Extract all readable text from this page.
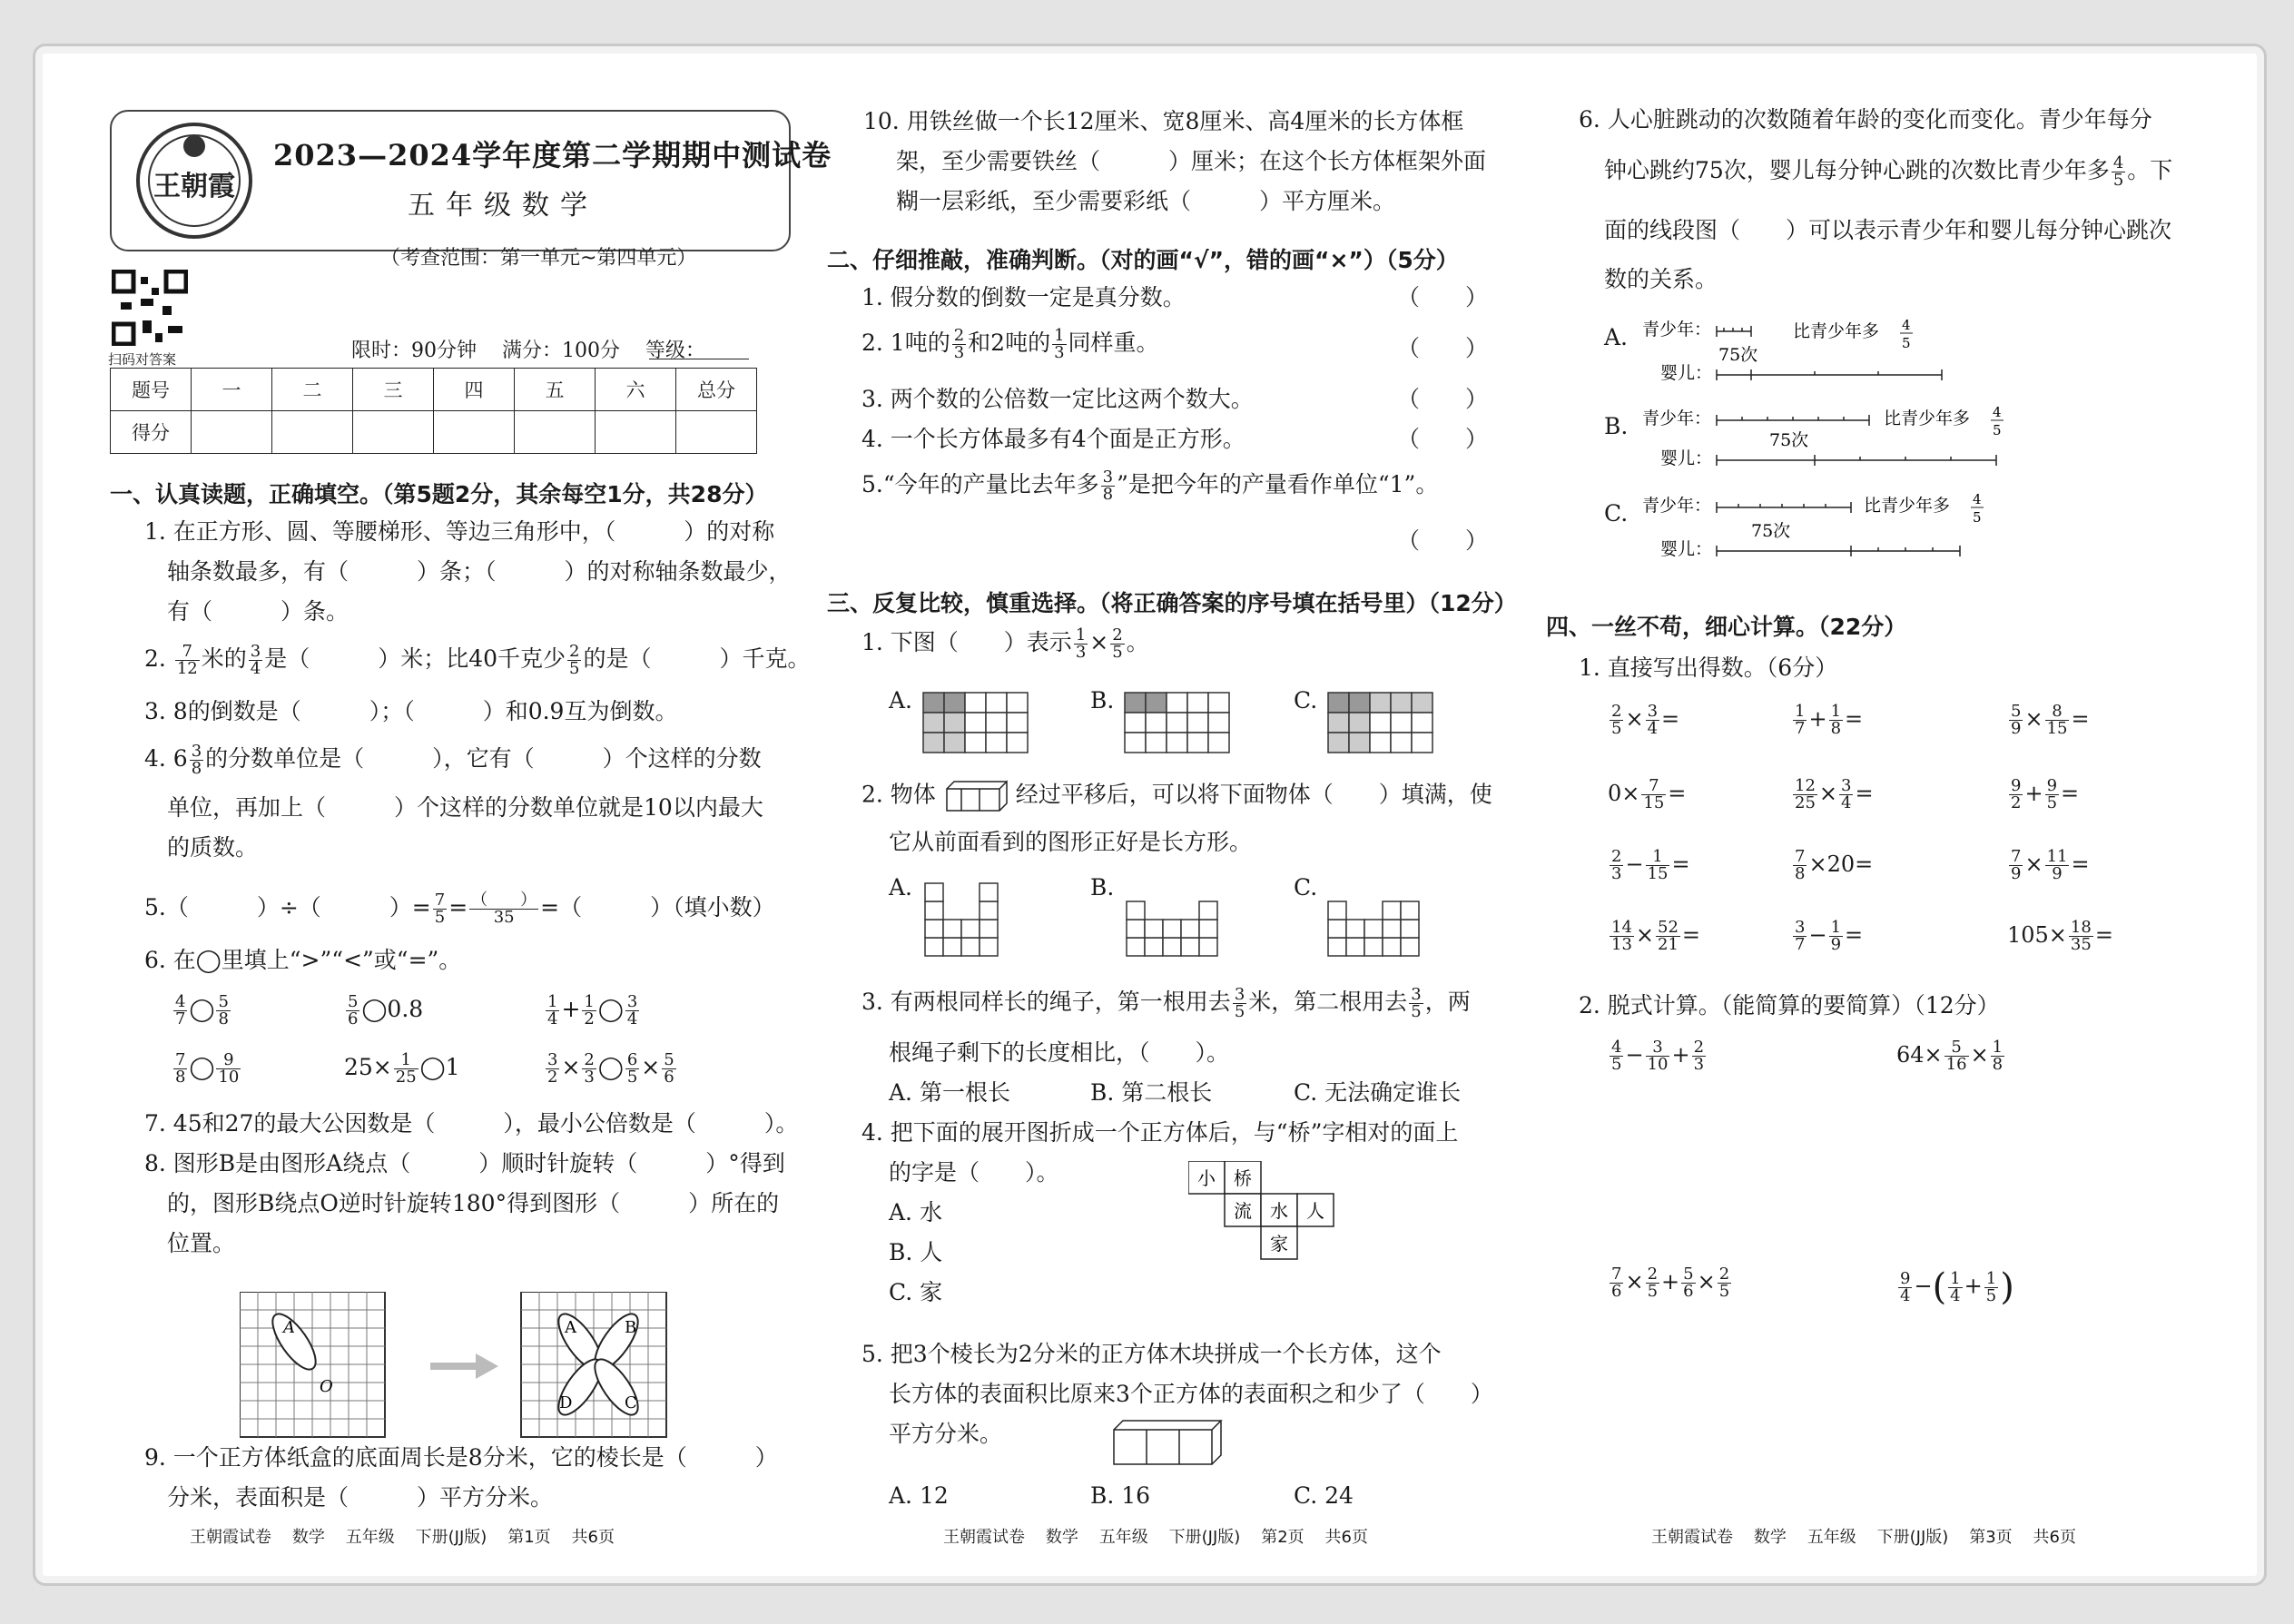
王朝霞
2023—2024学年度第二学期期中测试卷
五年级数学
（考查范围：第一单元~第四单元）
扫码对答案	限时：90分钟    满分：100分    等级：
题号	一	二	三	四	五	六	总分
得分							
一、认真读题，正确填空。（第5题2分，其余每空1分，共28分）
1. 在正方形、圆、等腰梯形、等边三角形中，（　　　）的对称
轴条数最多，有（　　　）条；（　　　）的对称轴条数最少，
有（　　　）条。
2. $\frac{7}{12}$ 米的 $\frac{3}{4}$ 是（　　　）米；比40千克少 $\frac{2}{5}$ 的是（　　　）千克。
3. 8的倒数是（　　　）；（　　　）和0.9互为倒数。
4. $6 \frac{3}{8}$ 的分数单位是（　　　），它有（　　　）个这样的分数
单位，再加上（　　　）个这样的分数单位就是10以内最大
的质数。
5.（　　　）÷（　　　）= $\frac{7}{5} = \frac{( )}{35}$ =（　　　）（填小数）
6. 在◯里填上“>”“<”或“=”。
$\frac{4}{7}$ ◯ $\frac{5}{8}$	$\frac{5}{6}$ ◯0.8	$\frac{1}{4} + \frac{1}{2}$ ◯ $\frac{3}{4}$
$\frac{7}{8}$ ◯ $\frac{9}{10}$	$25\times \frac{1}{25}$ ◯1	$\frac{3}{2} \times \frac{2}{3}$ ◯ $\frac{6}{5} \times \frac{5}{6}$
7. 45和27的最大公因数是（　　　），最小公倍数是（　　　）。
8. 图形B是由图形A绕点（　　　）顺时针旋转（　　　）°得到
的，图形B绕点O逆时针旋转180°得到图形（　　　）所在的
位置。
A
O
A	B
D	C
9. 一个正方体纸盒的底面周长是8分米，它的棱长是（　　　）
分米，表面积是（　　　）平方分米。
王朝霞试卷    数学    五年级    下册(JJ版)    第1页    共6页
10. 用铁丝做一个长12厘米、宽8厘米、高4厘米的长方体框
架，至少需要铁丝（　　　）厘米；在这个长方体框架外面
糊一层彩纸，至少需要彩纸（　　　）平方厘米。
二、仔细推敲，准确判断。（对的画“√”，错的画“×”）（5分）
1. 假分数的倒数一定是真分数。	（　　）
2. 1吨的 $\frac{2}{3}$ 和2吨的 $\frac{1}{3}$ 同样重。	（　　）
3. 两个数的公倍数一定比这两个数大。	（　　）
4. 一个长方体最多有4个面是正方形。	（　　）
5.“今年的产量比去年多 $\frac{3}{8}$ ”是把今年的产量看作单位“1”。
（　　）
三、反复比较，慎重选择。（将正确答案的序号填在括号里）（12分）
1. 下图（　　）表示 $\frac{1}{3} \times \frac{2}{5}$ 。
A.	B.	C.
2. 物体	经过平移后，可以将下面物体（　　）填满，使
它从前面看到的图形正好是长方形。
A.	B.	C.
3. 有两根同样长的绳子，第一根用去 $\frac{3}{5}$ 米，第二根用去 $\frac{3}{5}$ ，两
根绳子剩下的长度相比，（　　）。
A. 第一根长	B. 第二根长	C. 无法确定谁长
4. 把下面的展开图折成一个正方体后，与“桥”字相对的面上
的字是（　　）。
A. 水
B. 人
C. 家
小 桥
流 水 人
家
5. 把3个棱长为2分米的正方体木块拼成一个长方体，这个
长方体的表面积比原来3个正方体的表面积之和少了（　　）
平方分米。
A. 12	B. 16	C. 24
王朝霞试卷    数学    五年级    下册(JJ版)    第2页    共6页
6. 人心脏跳动的次数随着年龄的变化而变化。青少年每分
钟心跳约75次，婴儿每分钟心跳的次数比青少年多 $\frac{4}{5}$ 。下
面的线段图（　　）可以表示青少年和婴儿每分钟心跳次
数的关系。
A.
B.
C.
青少年：
75次
比青少年多 4
5
婴儿：
青少年：
75次
比青少年多 4
5
婴儿：
青少年：	比青少年多 4
5
75次
婴儿：
四、一丝不苟，细心计算。（22分）
1. 直接写出得数。（6分）
$\frac{2}{5} \times \frac{3}{4}$ =	$\frac{1}{7} + \frac{1}{8}$ =	$\frac{5}{9} \times \frac{8}{15}$ =
$0\times \frac{7}{15}$ =	$\frac{12}{25} \times \frac{3}{4}$ =	$\frac{9}{2} + \frac{9}{5}$ =
$\frac{2}{3} - \frac{1}{15}$ =	$\frac{7}{8} \times 20=$	$\frac{7}{9} \times \frac{11}{9}$ =
$\frac{14}{13} \times \frac{52}{21}$ =	$\frac{3}{7} - \frac{1}{9}$ =	$105\times \frac{18}{35}$ =
2. 脱式计算。（能简算的要简算）（12分）
$\frac{4}{5} - \frac{3}{10} + \frac{2}{3}$	$64\times \frac{5}{16} \times \frac{1}{8}$
$\frac{7}{6} \times \frac{2}{5} + \frac{5}{6} \times \frac{2}{5}$	$\frac{9}{4}$ −( $\frac{1}{4} + \frac{1}{5}$ )
王朝霞试卷    数学    五年级    下册(JJ版)    第3页    共6页
